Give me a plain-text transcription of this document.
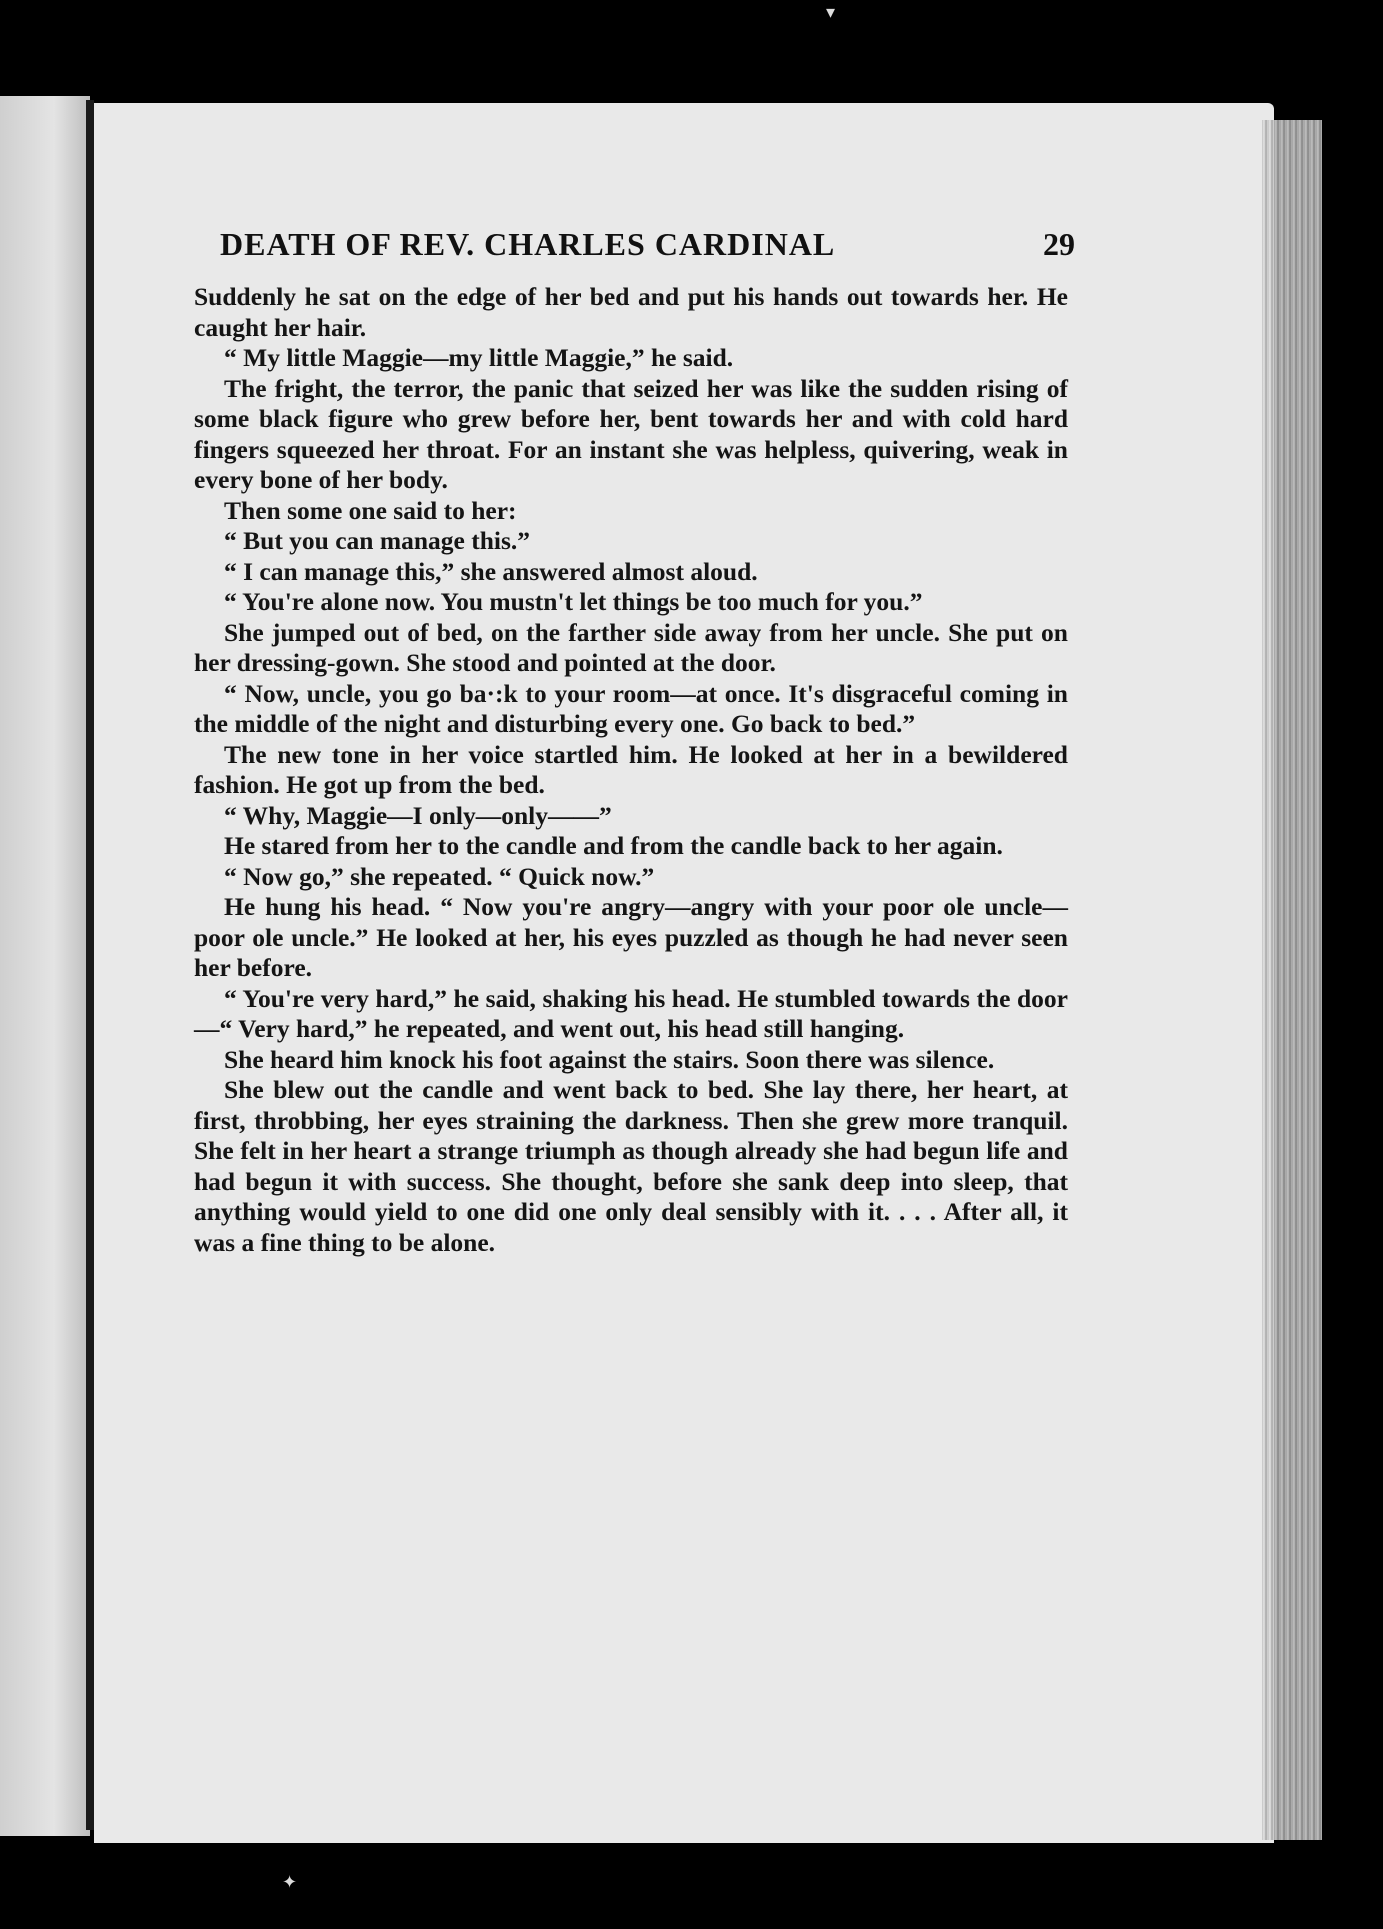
▾
✦
DEATH OF REV. CHARLES CARDINAL	29

Suddenly he sat on the edge of her bed and put his hands out towards her. He caught her hair.

“ My little Maggie—my little Maggie,” he said.

The fright, the terror, the panic that seized her was like the sudden rising of some black figure who grew before her, bent towards her and with cold hard fingers squeezed her throat. For an instant she was helpless, quivering, weak in every bone of her body.

Then some one said to her:

“ But you can manage this.”

“ I can manage this,” she answered almost aloud.

“ You're alone now. You mustn't let things be too much for you.”

She jumped out of bed, on the farther side away from her uncle. She put on her dressing-gown. She stood and pointed at the door.

“ Now, uncle, you go ba·:k to your room—at once. It's disgraceful coming in the middle of the night and disturbing every one. Go back to bed.”

The new tone in her voice startled him. He looked at her in a bewildered fashion. He got up from the bed.

“ Why, Maggie—I only—only——”

He stared from her to the candle and from the candle back to her again.

“ Now go,” she repeated. “ Quick now.”

He hung his head. “ Now you're angry—angry with your poor ole uncle—poor ole uncle.” He looked at her, his eyes puzzled as though he had never seen her before.

“ You're very hard,” he said, shaking his head. He stumbled towards the door—“ Very hard,” he repeated, and went out, his head still hanging.

She heard him knock his foot against the stairs. Soon there was silence.

She blew out the candle and went back to bed. She lay there, her heart, at first, throbbing, her eyes straining the darkness. Then she grew more tranquil. She felt in her heart a strange triumph as though already she had begun life and had begun it with success. She thought, before she sank deep into sleep, that anything would yield to one did one only deal sensibly with it. . . . After all, it was a fine thing to be alone.
